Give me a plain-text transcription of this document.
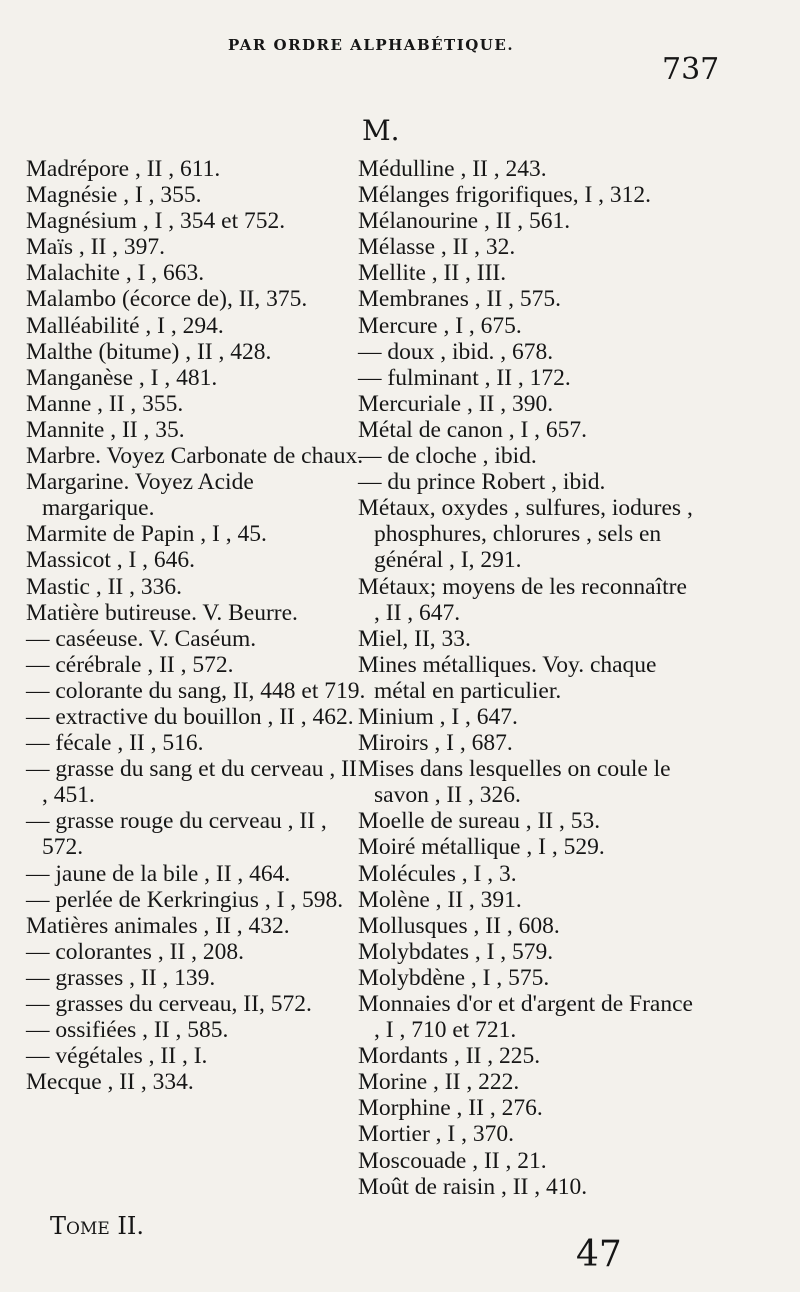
PAR ORDRE ALPHABÉTIQUE.
737
M.
Madrépore , II , 611.
Magnésie , I , 355.
Magnésium , I , 354 et 752.
Maïs , II , 397.
Malachite , I , 663.
Malambo (écorce de), II, 375.
Malléabilité , I , 294.
Malthe (bitume) , II , 428.
Manganèse , I , 481.
Manne , II , 355.
Mannite , II , 35.
Marbre. Voyez Carbonate de chaux.
Margarine. Voyez Acide margarique.
Marmite de Papin , I , 45.
Massicot , I , 646.
Mastic , II , 336.
Matière butireuse. V. Beurre.
— caséeuse. V. Caséum.
— cérébrale , II , 572.
— colorante du sang, II, 448 et 719.
— extractive du bouillon , II , 462.
— fécale , II , 516.
— grasse du sang et du cerveau , II , 451.
— grasse rouge du cerveau , II , 572.
— jaune de la bile , II , 464.
— perlée de Kerkringius , I , 598.
Matières animales , II , 432.
— colorantes , II , 208.
— grasses , II , 139.
— grasses du cerveau, II, 572.
— ossifiées , II , 585.
— végétales , II , I.
Mecque , II , 334.
Médulline , II , 243.
Mélanges frigorifiques, I , 312.
Mélanourine , II , 561.
Mélasse , II , 32.
Mellite , II , III.
Membranes , II , 575.
Mercure , I , 675.
— doux , ibid. , 678.
— fulminant , II , 172.
Mercuriale , II , 390.
Métal de canon , I , 657.
— de cloche , ibid.
— du prince Robert , ibid.
Métaux, oxydes , sulfures, iodures , phosphures, chlorures , sels en général , I, 291.
Métaux; moyens de les reconnaître , II , 647.
Miel, II, 33.
Mines métalliques. Voy. chaque métal en particulier.
Minium , I , 647.
Miroirs , I , 687.
Mises dans lesquelles on coule le savon , II , 326.
Moelle de sureau , II , 53.
Moiré métallique , I , 529.
Molécules , I , 3.
Molène , II , 391.
Mollusques , II , 608.
Molybdates , I , 579.
Molybdène , I , 575.
Monnaies d'or et d'argent de France , I , 710 et 721.
Mordants , II , 225.
Morine , II , 222.
Morphine , II , 276.
Mortier , I , 370.
Moscouade , II , 21.
Moût de raisin , II , 410.
Tome II.
47
